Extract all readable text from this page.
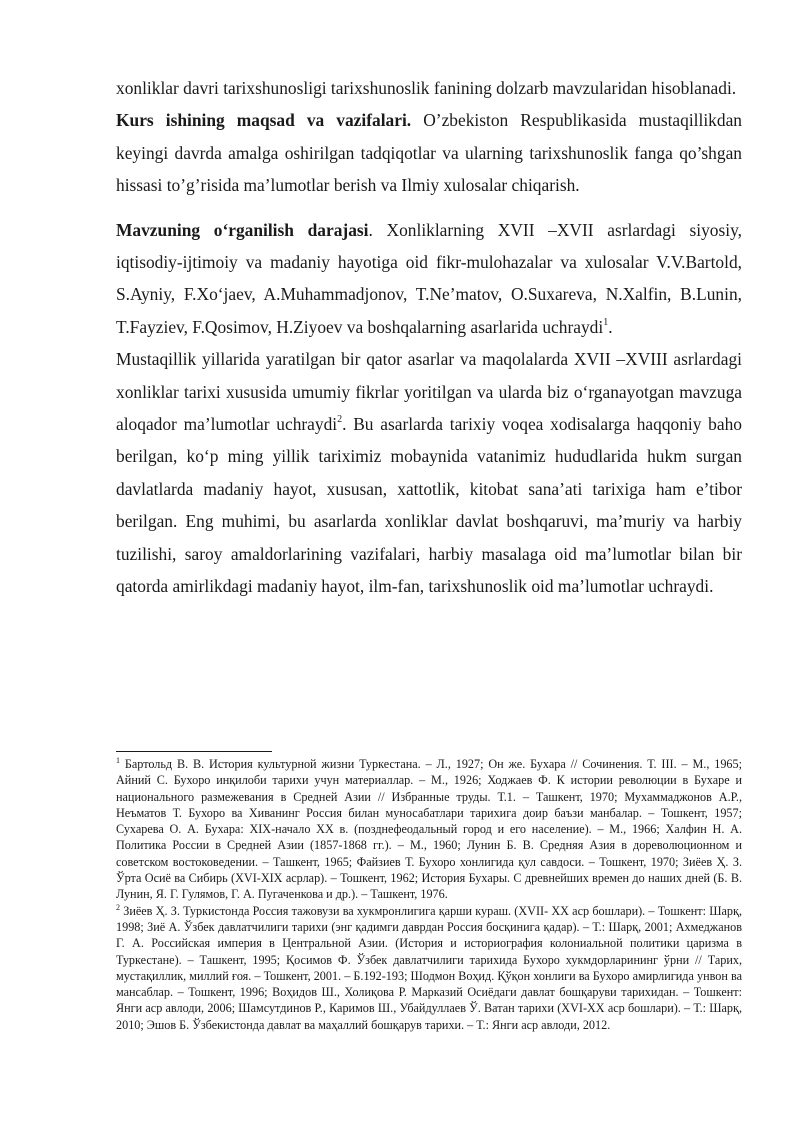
xonliklar davri tarixshunosligi tarixshunoslik fanining dolzarb mavzularidan hisoblanadi.

Kurs ishining maqsad va vazifalari. O’zbekiston Respublikasida mustaqillikdan keyingi davrda amalga oshirilgan tadqiqotlar va ularning tarixshunoslik fanga qo’shgan hissasi to’g’risida ma’lumotlar berish va Ilmiy xulosalar chiqarish.

Mavzuning o‘rganilish darajasi. Xonliklarning XVII –XVII asrlardagi siyosiy, iqtisodiy-ijtimoiy va madaniy hayotiga oid fikr-mulohazalar va xulosalar V.V.Bartold, S.Ayniy, F.Xo‘jaev, A.Muhammadjonov, T.Ne’matov, O.Suxareva, N.Xalfin, B.Lunin, T.Fayziev, F.Qosimov, H.Ziyoev va boshqalarning asarlarida uchraydi$^1$.

Mustaqillik yillarida yaratilgan bir qator asarlar va maqolalarda XVII –XVIII asrlardagi xonliklar tarixi xususida umumiy fikrlar yoritilgan va ularda biz o‘rganayotgan mavzuga aloqador ma’lumotlar uchraydi$^2$. Bu asarlarda tarixiy voqea xodisalarga haqqoniy baho berilgan, ko‘p ming yillik tariximiz mobaynida vatanimiz hududlarida hukm surgan davlatlarda madaniy hayot, xususan, xattotlik, kitobat sana’ati tarixiga ham e’tibor berilgan. Eng muhimi, bu asarlarda xonliklar davlat boshqaruvi, ma’muriy va harbiy tuzilishi, saroy amaldorlarining vazifalari, harbiy masalaga oid ma’lumotlar bilan bir qatorda amirlikdagi madaniy hayot, ilm-fan, tarixshunoslik oid ma’lumotlar uchraydi.

$^1$ Бартольд В. В. История культурной жизни Туркестана. – Л., 1927; Он же. Бухара // Сочинения. Т. III. – М., 1965; Айний С. Бухоро инқилоби тарихи учун материаллар. – М., 1926; Ходжаев Ф. К истории революции в Бухаре и национального размежевания в Средней Азии // Избранные труды. Т.1. – Ташкент, 1970; Мухаммаджонов А.Р., Неъматов Т. Бухоро ва Хиванинг Россия билан муносабатлари тарихига доир баъзи манбалар. – Тошкент, 1957; Сухарева О. А. Бухара: XIX-начало XX в. (позднефеодальный город и его население). – М., 1966; Халфин Н. А. Политика России в Средней Азии (1857-1868 гг.). – М., 1960; Лунин Б. В. Средняя Азия в дореволюционном и советском востоковедении. – Ташкент, 1965; Файзиев Т. Бухоро хонлигида қул савдоси. – Тошкент, 1970; Зиёев Ҳ. З. Ўрта Осиё ва Сибирь (XVI-XIX асрлар). – Тошкент, 1962; История Бухары. С древнейших времен до наших дней (Б. В. Лунин, Я. Г. Гулямов, Г. А. Пугаченкова и др.). – Ташкент, 1976.

$^2$ Зиёев Ҳ. З. Туркистонда Россия тажовузи ва хукмронлигига қарши кураш. (XVII- XX аср бошлари). – Тошкент: Шарқ, 1998; Зиё А. Ўзбек давлатчилиги тарихи (энг қадимги даврдан Россия босқинига қадар). – Т.: Шарқ, 2001; Ахмеджанов Г. А. Российская империя в Центральной Азии. (История и историография колониальной политики царизма в Туркестане). – Ташкент, 1995; Қосимов Ф. Ўзбек давлатчилиги тарихида Бухоро хукмдорларининг ўрни // Тарих, мустақиллик, миллий ғоя. – Тошкент, 2001. – Б.192-193; Шодмон Воҳид. Қўқон хонлиги ва Бухоро амирлигида унвон ва мансаблар. – Тошкент, 1996; Воҳидов Ш., Холиқова Р. Марказий Осиёдаги давлат бошқаруви тарихидан. – Тошкент: Янги аср авлоди, 2006; Шамсутдинов Р., Каримов Ш., Убайдуллаев Ў. Ватан тарихи (XVI-XX аср бошлари). – Т.: Шарқ, 2010; Эшов Б. Ўзбекистонда давлат ва маҳаллий бошқарув тарихи. – Т.: Янги аср авлоди, 2012.
